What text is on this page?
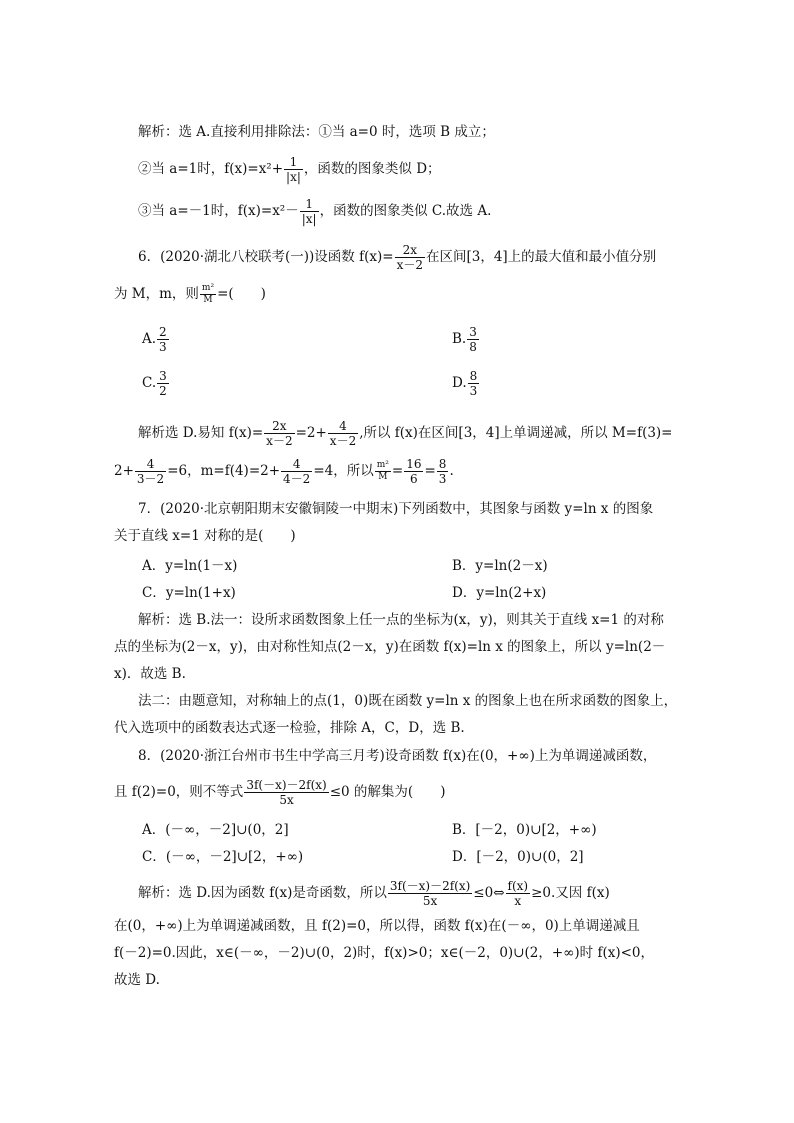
解析：选 A.直接利用排除法：①当 a=0 时，选项 B 成立；
②当 a=1时，$f(x)=x^2+ \frac{1}{|x|}$ ，函数的图象类似 D；
③当 a=－1时，$f(x)=x^2- \frac{1}{|x|}$ ，函数的图象类似 C.故选 A.
6．(2020·湖北八校联考(一))设函数 $f(x)= \frac{2x}{x-2}$ 在区间[3，4]上的最大值和最小值分别
为 M，m，则 $\frac{\text{m²}}{M}$ =(　　)
A. $\frac{2}{3}$	B. $\frac{3}{8}$
C. $\frac{3}{2}$	D. $\frac{8}{3}$
解析选 D.易知 $f(x)= \frac{2x}{x-2} =2+ \frac{4}{x-2}$ ,所以 f(x)在区间[3，4]上单调递减，所以 M=f(3)=
$2+ \frac{4}{3-2} =6$，$m=f(4)=2+ \frac{4}{4-2} =4$，所以 $\frac{\text{m²}}{M} = \frac{16}{6} = \frac{8}{3}$ .
7．(2020·北京朝阳期末安徽铜陵一中期末)下列函数中，其图象与函数 y=ln x 的图象
关于直线 x=1 对称的是(　　)
A．y=ln(1－x)	B．y=ln(2－x)
C．y=ln(1+x)	D．y=ln(2+x)
解析：选 B.法一：设所求函数图象上任一点的坐标为(x，y)，则其关于直线 x=1 的对称
点的坐标为(2－x，y)，由对称性知点(2－x，y)在函数 f(x)=ln x 的图象上，所以 y=ln(2－
x)．故选 B.
法二：由题意知，对称轴上的点(1，0)既在函数 y=ln x 的图象上也在所求函数的图象上，
代入选项中的函数表达式逐一检验，排除 A，C，D，选 B.
8．(2020·浙江台州市书生中学高三月考)设奇函数 f(x)在(0，+∞)上为单调递减函数，
且 f(2)=0，则不等式 $\frac{3f(-x)-2f(x)}{5x} \le 0$ 的解集为(　　)
A．(－∞，－2]∪(0，2]	B．[－2，0)∪[2，+∞)
C．(－∞，－2]∪[2，+∞)	D．[－2，0)∪(0，2]
解析：选 D.因为函数 f(x)是奇函数，所以 $\frac{3f(-x)-2f(x)}{5x}$ ≤0⇔ $\frac{f(x)}{x} \ge 0$.又因 f(x)
在(0，+∞)上为单调递减函数，且 f(2)=0，所以得，函数 f(x)在(－∞，0)上单调递减且
f(－2)=0.因此，x∈(－∞，－2)∪(0，2)时，f(x)>0；x∈(－2，0)∪(2，+∞)时 f(x)<0，
故选 D.
